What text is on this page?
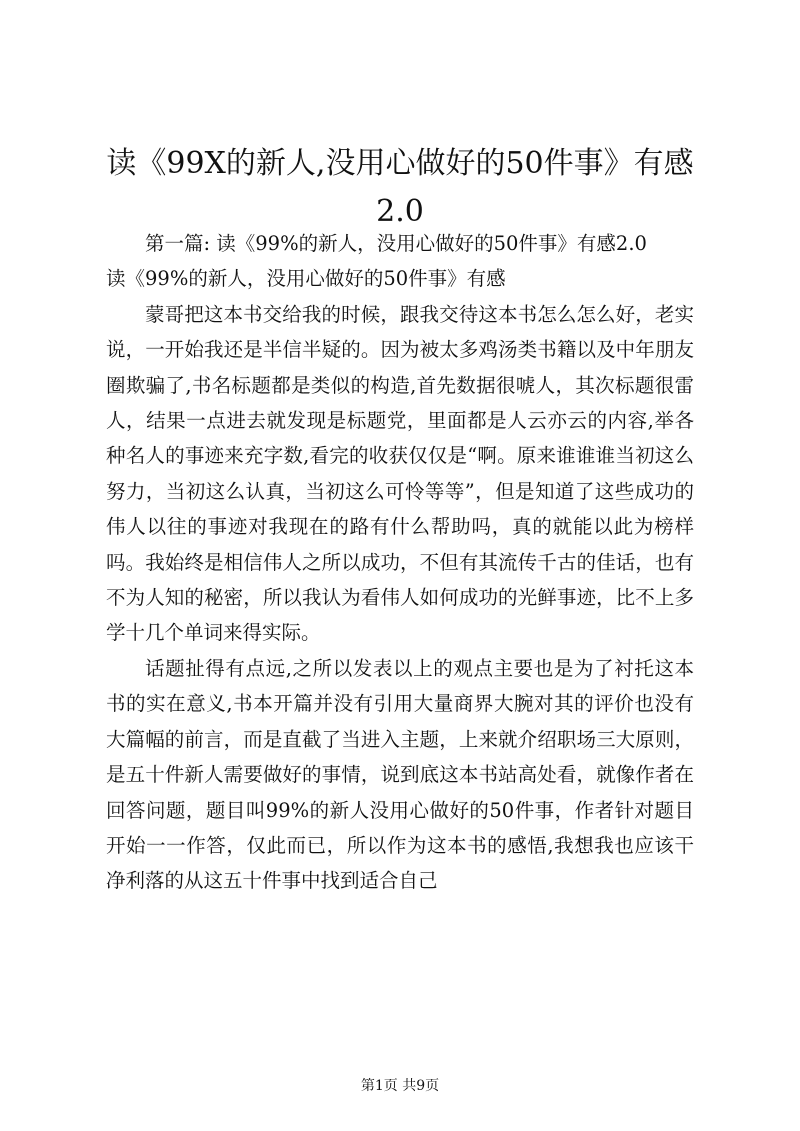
读《99X的新人,没用心做好的50件事》有感2.0

第一篇: 读《99%的新人，没用心做好的50件事》有感2.0

读《99%的新人，没用心做好的50件事》有感

蒙哥把这本书交给我的时候，跟我交待这本书怎么怎么好，老实说，一开始我还是半信半疑的。因为被太多鸡汤类书籍以及中年朋友圈欺骗了,书名标题都是类似的构造,首先数据很唬人，其次标题很雷人，结果一点进去就发现是标题党，里面都是人云亦云的内容,举各种名人的事迹来充字数,看完的收获仅仅是“啊。原来谁谁谁当初这么努力，当初这么认真，当初这么可怜等等”，但是知道了这些成功的伟人以往的事迹对我现在的路有什么帮助吗，真的就能以此为榜样吗。我始终是相信伟人之所以成功，不但有其流传千古的佳话，也有不为人知的秘密，所以我认为看伟人如何成功的光鲜事迹，比不上多学十几个单词来得实际。

话题扯得有点远,之所以发表以上的观点主要也是为了衬托这本书的实在意义,书本开篇并没有引用大量商界大腕对其的评价也没有大篇幅的前言，而是直截了当进入主题，上来就介绍职场三大原则，是五十件新人需要做好的事情，说到底这本书站高处看，就像作者在回答问题，题目叫99%的新人没用心做好的50件事，作者针对题目开始一一作答，仅此而已，所以作为这本书的感悟,我想我也应该干净利落的从这五十件事中找到适合自己

第1页 共9页
